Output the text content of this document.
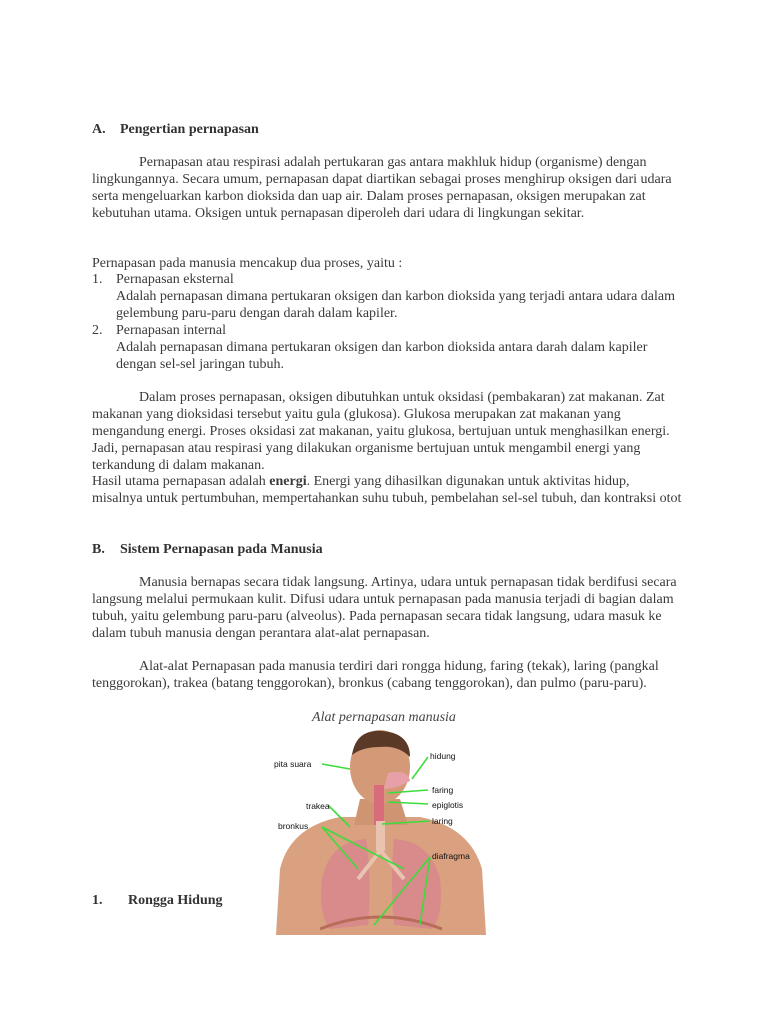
A. Pengertian pernapasan

Pernapasan atau respirasi adalah pertukaran gas antara makhluk hidup (organisme) dengan lingkungannya. Secara umum, pernapasan dapat diartikan sebagai proses menghirup oksigen dari udara serta mengeluarkan karbon dioksida dan uap air. Dalam proses pernapasan, oksigen merupakan zat kebutuhan utama. Oksigen untuk pernapasan diperoleh dari udara di lingkungan sekitar.

Pernapasan pada manusia mencakup dua proses, yaitu :

1. Pernapasan eksternal
Adalah pernapasan dimana pertukaran oksigen dan karbon dioksida yang terjadi antara udara dalam gelembung paru-paru dengan darah dalam kapiler.
2. Pernapasan internal
Adalah pernapasan dimana pertukaran oksigen dan karbon dioksida antara darah dalam kapiler dengan sel-sel jaringan tubuh.

Dalam proses pernapasan, oksigen dibutuhkan untuk oksidasi (pembakaran) zat makanan. Zat makanan yang dioksidasi tersebut yaitu gula (glukosa). Glukosa merupakan zat makanan yang mengandung energi. Proses oksidasi zat makanan, yaitu glukosa, bertujuan untuk menghasilkan energi. Jadi, pernapasan atau respirasi yang dilakukan organisme bertujuan untuk mengambil energi yang terkandung di dalam makanan.

Hasil utama pernapasan adalah energi. Energi yang dihasilkan digunakan untuk aktivitas hidup, misalnya untuk pertumbuhan, mempertahankan suhu tubuh, pembelahan sel-sel tubuh, dan kontraksi otot

B. Sistem Pernapasan pada Manusia

Manusia bernapas secara tidak langsung. Artinya, udara untuk pernapasan tidak berdifusi secara langsung melalui permukaan kulit. Difusi udara untuk pernapasan pada manusia terjadi di bagian dalam tubuh, yaitu gelembung paru-paru (alveolus). Pada pernapasan secara tidak langsung, udara masuk ke dalam tubuh manusia dengan perantara alat-alat pernapasan.

Alat-alat Pernapasan pada manusia terdiri dari rongga hidung, faring (tekak), laring (pangkal tenggorokan), trakea (batang tenggorokan), bronkus (cabang tenggorokan), dan pulmo (paru-paru).

Alat pernapasan manusia
pita suara
hidung
faring
epiglotis
trakea
laring
bronkus
diafragma
1. Rongga Hidung
